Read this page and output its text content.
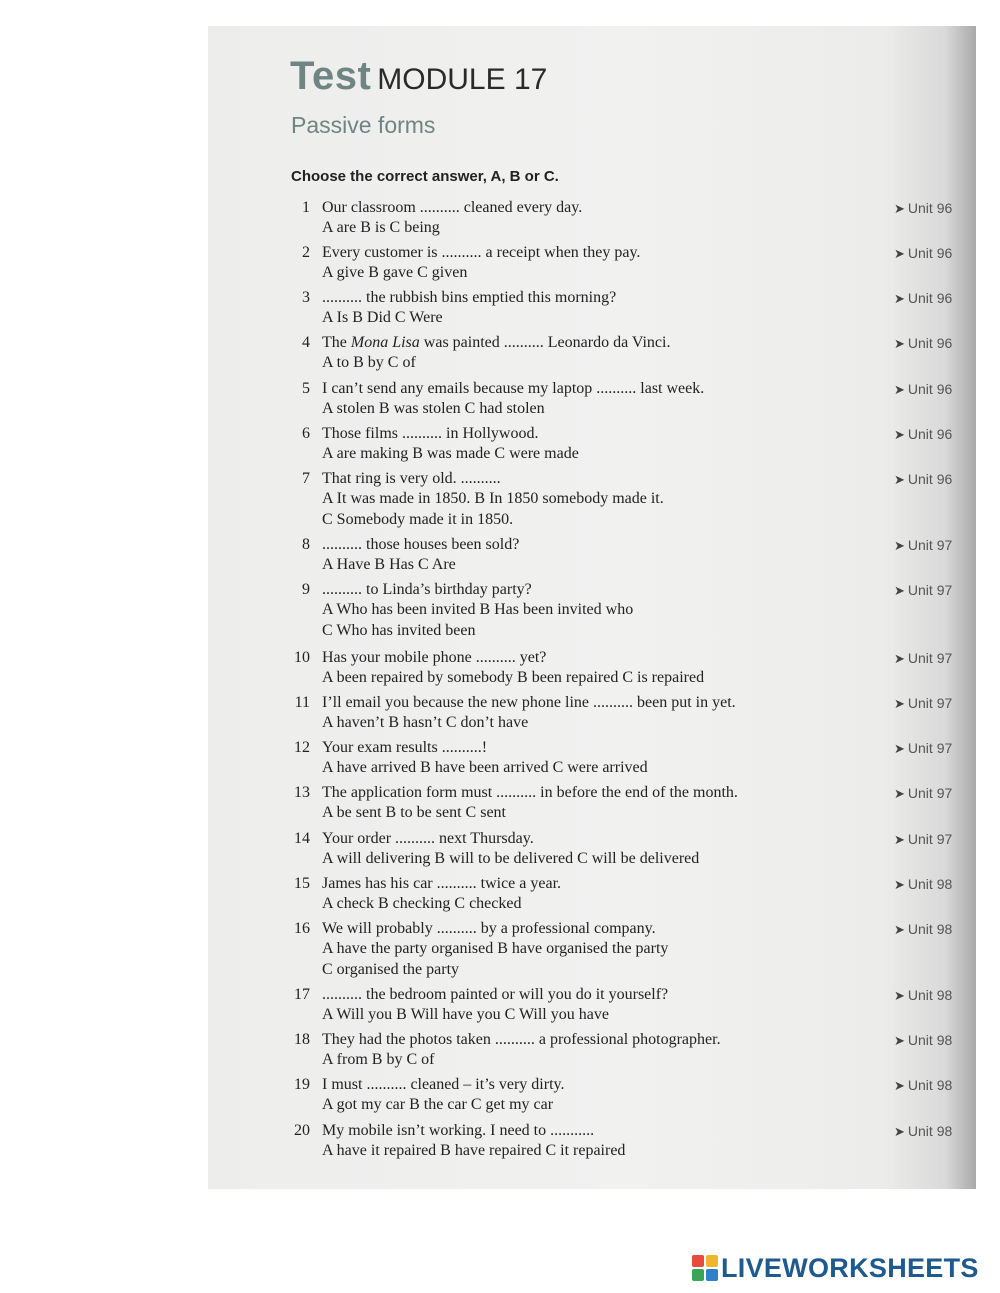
Test MODULE 17
Passive forms
Choose the correct answer, A, B or C.
1 Our classroom .......... cleaned every day.
A are B is C being
➤ Unit 96
2 Every customer is .......... a receipt when they pay.
A give B gave C given
➤ Unit 96
3 .......... the rubbish bins emptied this morning?
A Is B Did C Were
➤ Unit 96
4 The Mona Lisa was painted .......... Leonardo da Vinci.
A to B by C of
➤ Unit 96
5 I can’t send any emails because my laptop .......... last week.
A stolen B was stolen C had stolen
➤ Unit 96
6 Those films .......... in Hollywood.
A are making B was made C were made
➤ Unit 96
7 That ring is very old. ..........
A It was made in 1850. B In 1850 somebody made it.
C Somebody made it in 1850.
➤ Unit 96
8 .......... those houses been sold?
A Have B Has C Are
➤ Unit 97
9 .......... to Linda’s birthday party?
A Who has been invited B Has been invited who
C Who has invited been
➤ Unit 97
10 Has your mobile phone .......... yet?
A been repaired by somebody B been repaired C is repaired
➤ Unit 97
11 I’ll email you because the new phone line .......... been put in yet.
A haven’t B hasn’t C don’t have
➤ Unit 97
12 Your exam results ..........!
A have arrived B have been arrived C were arrived
➤ Unit 97
13 The application form must .......... in before the end of the month.
A be sent B to be sent C sent
➤ Unit 97
14 Your order .......... next Thursday.
A will delivering B will to be delivered C will be delivered
➤ Unit 97
15 James has his car .......... twice a year.
A check B checking C checked
➤ Unit 98
16 We will probably .......... by a professional company.
A have the party organised B have organised the party
C organised the party
➤ Unit 98
17 .......... the bedroom painted or will you do it yourself?
A Will you B Will have you C Will you have
➤ Unit 98
18 They had the photos taken .......... a professional photographer.
A from B by C of
➤ Unit 98
19 I must .......... cleaned – it’s very dirty.
A got my car B the car C get my car
➤ Unit 98
20 My mobile isn’t working. I need to ...........
A have it repaired B have repaired C it repaired
➤ Unit 98
LIVEWORKSHEETS
